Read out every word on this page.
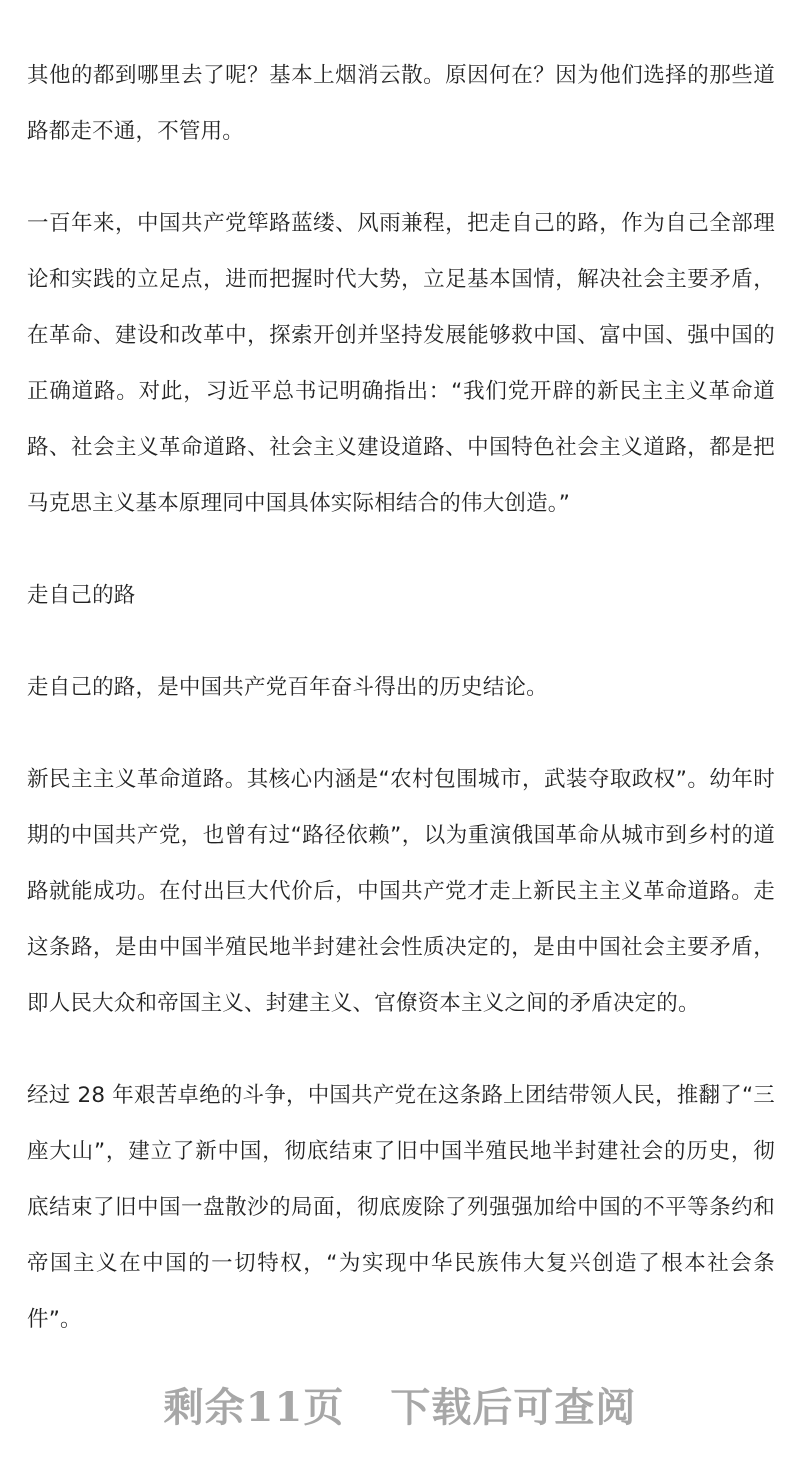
其他的都到哪里去了呢？基本上烟消云散。原因何在？因为他们选择的那些道路都走不通，不管用。

一百年来，中国共产党筚路蓝缕、风雨兼程，把走自己的路，作为自己全部理论和实践的立足点，进而把握时代大势，立足基本国情，解决社会主要矛盾，在革命、建设和改革中，探索开创并坚持发展能够救中国、富中国、强中国的正确道路。对此，习近平总书记明确指出：“我们党开辟的新民主主义革命道路、社会主义革命道路、社会主义建设道路、中国特色社会主义道路，都是把马克思主义基本原理同中国具体实际相结合的伟大创造。”

走自己的路

走自己的路，是中国共产党百年奋斗得出的历史结论。

新民主主义革命道路。其核心内涵是“农村包围城市，武装夺取政权”。幼年时期的中国共产党，也曾有过“路径依赖”，以为重演俄国革命从城市到乡村的道路就能成功。在付出巨大代价后，中国共产党才走上新民主主义革命道路。走这条路，是由中国半殖民地半封建社会性质决定的，是由中国社会主要矛盾，即人民大众和帝国主义、封建主义、官僚资本主义之间的矛盾决定的。

经过 28 年艰苦卓绝的斗争，中国共产党在这条路上团结带领人民，推翻了“三座大山”，建立了新中国，彻底结束了旧中国半殖民地半封建社会的历史，彻底结束了旧中国一盘散沙的局面，彻底废除了列强强加给中国的不平等条约和帝国主义在中国的一切特权，“为实现中华民族伟大复兴创造了根本社会条件”。

剩余11页 下载后可查阅
